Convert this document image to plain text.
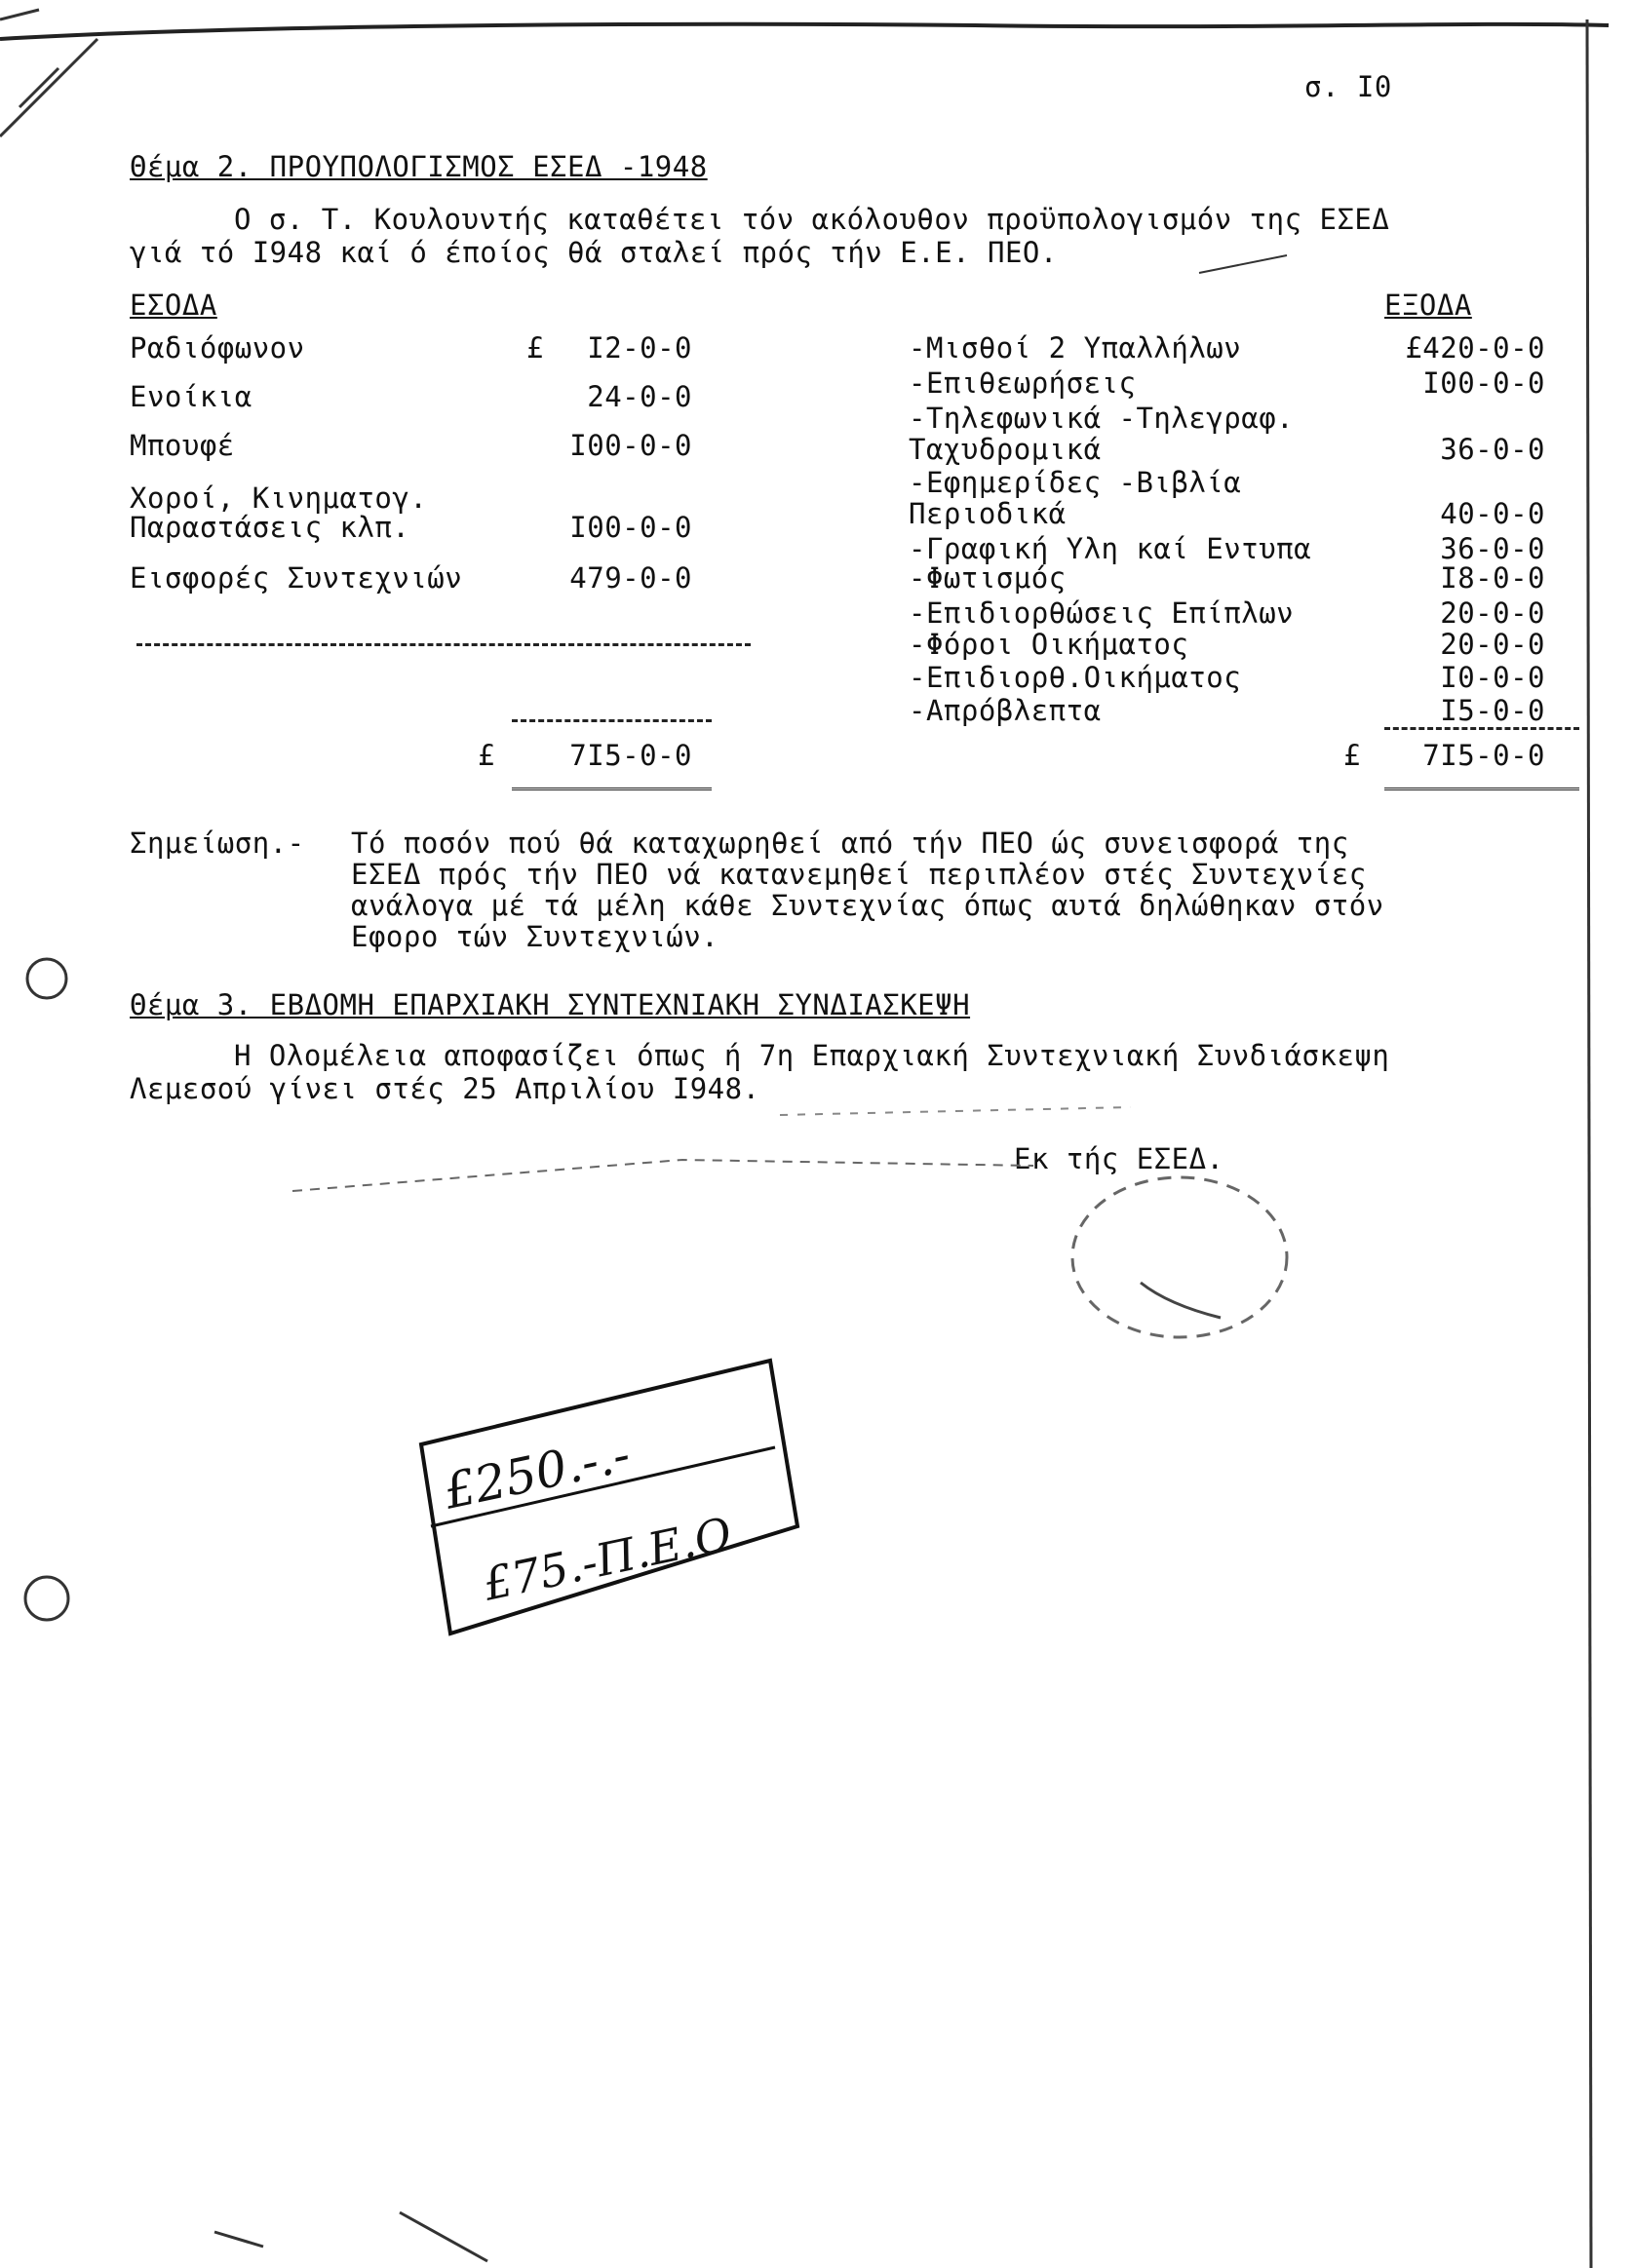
σ. I0
Θέμα 2. ΠΡΟΥΠΟΛΟΓΙΣΜΟΣ ΕΣΕΔ -1948
Ο σ. Τ. Κουλουντής καταθέτει τόν ακόλουθον προϋπολογισμόν της ΕΣΕΔ
γιά τό I948 καί ό έποίος θά σταλεί πρός τήν Ε.Ε. ΠΕΟ.
ΕΣΟΔΑ
Ραδιόφωνον	£	I2-0-0
Ενοίκια	24-0-0
Μπουφέ	I00-0-0
Χοροί, Κινηματογ.
Παραστάσεις κλπ.	I00-0-0
Εισφορές Συντεχνιών	479-0-0
£	7I5-0-0
ΕΞΟΔΑ
-Μισθοί 2 Υπαλλήλων	£420-0-0
-Επιθεωρήσεις	I00-0-0
-Τηλεφωνικά -Τηλεγραφ.
Ταχυδρομικά	36-0-0
-Εφημερίδες -Βιβλία
Περιοδικά	40-0-0
-Γραφική Υλη καί Εντυπα	36-0-0
-Φωτισμός	I8-0-0
-Επιδιορθώσεις Επίπλων	20-0-0
-Φόροι Οικήματος	20-0-0
-Επιδιορθ.Οικήματος	I0-0-0
-Απρόβλεπτα	I5-0-0
£	7I5-0-0
Σημείωση.- Τό ποσόν πού θά καταχωρηθεί από τήν ΠΕΟ ώς συνεισφορά της
ΕΣΕΔ πρός τήν ΠΕΟ νά κατανεμηθεί περιπλέον στές Συντεχνίες
ανάλογα μέ τά μέλη κάθε Συντεχνίας όπως αυτά δηλώθηκαν στόν
Εφορο τών Συντεχνιών.
Θέμα 3. ΕΒΔΟΜΗ ΕΠΑΡΧΙΑΚΗ ΣΥΝΤΕΧΝΙΑΚΗ ΣΥΝΔΙΑΣΚΕΨΗ
Η Ολομέλεια αποφασίζει όπως ή 7η Επαρχιακή Συντεχνιακή Συνδιάσκεψη
Λεμεσού γίνει στές 25 Απριλίου I948.
Εκ τής ΕΣΕΔ.
£250.-.-
£75.-Π.Ε.Ο
